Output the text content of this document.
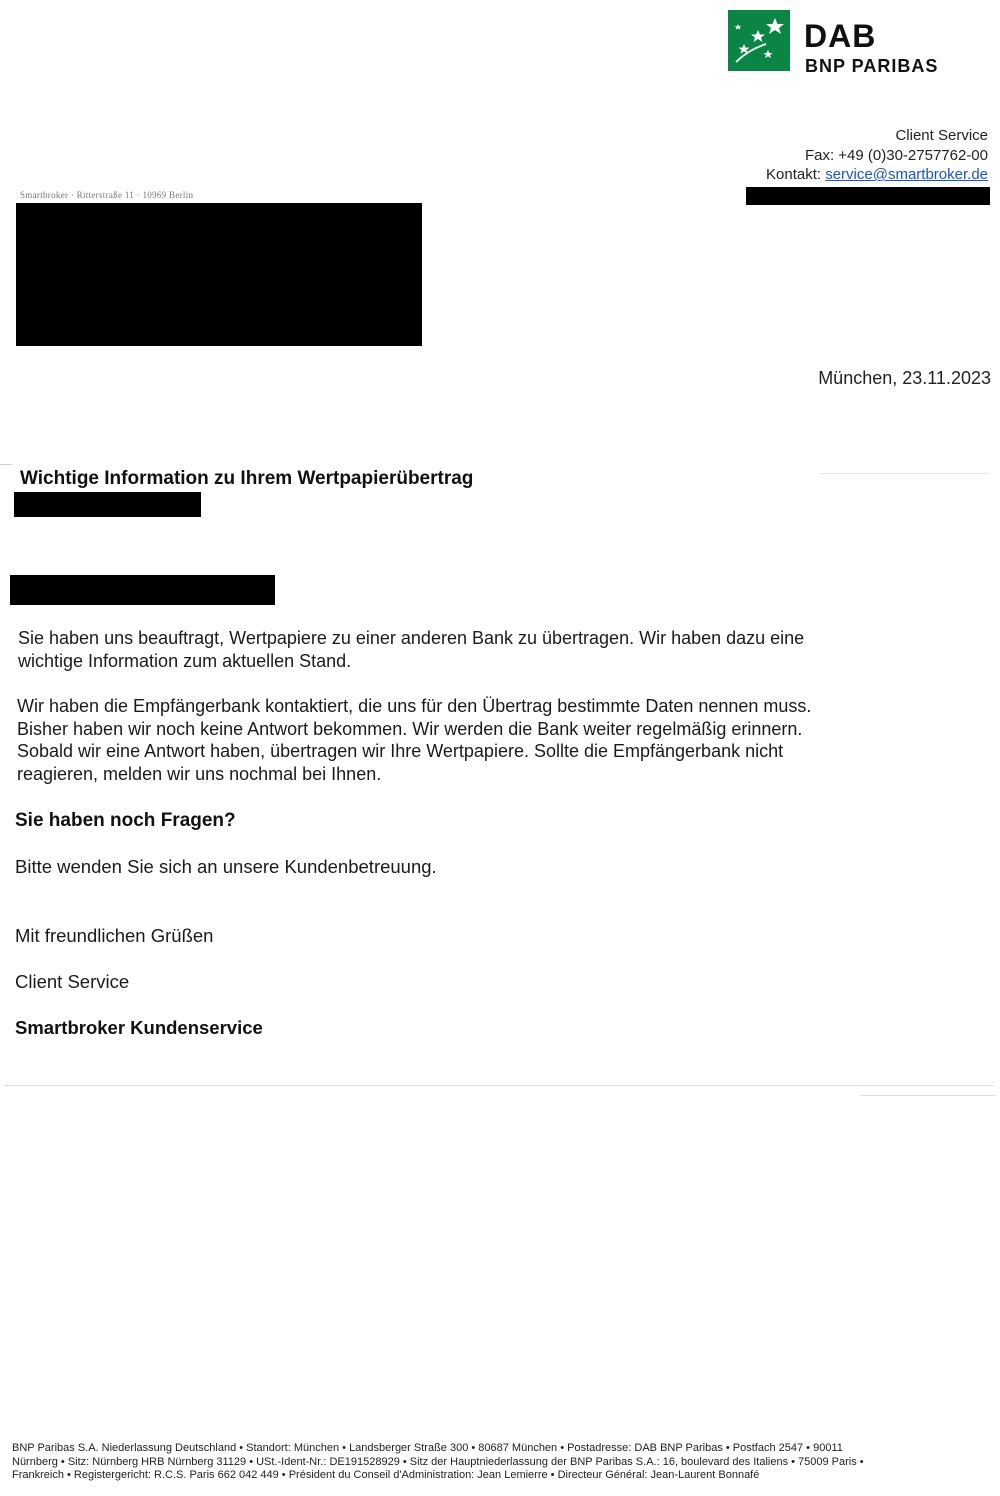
DAB
BNP PARIBAS
Client Service
Fax: +49 (0)30-2757762-00
Kontakt: service@smartbroker.de
Smartbroker · Ritterstraße 11 · 10969 Berlin
München, 23.11.2023
Wichtige Information zu Ihrem Wertpapierübertrag
Sie haben uns beauftragt, Wertpapiere zu einer anderen Bank zu übertragen. Wir haben dazu eine
wichtige Information zum aktuellen Stand.
Wir haben die Empfängerbank kontaktiert, die uns für den Übertrag bestimmte Daten nennen muss.
Bisher haben wir noch keine Antwort bekommen. Wir werden die Bank weiter regelmäßig erinnern.
Sobald wir eine Antwort haben, übertragen wir Ihre Wertpapiere. Sollte die Empfängerbank nicht
reagieren, melden wir uns nochmal bei Ihnen.
Sie haben noch Fragen?
Bitte wenden Sie sich an unsere Kundenbetreuung.
Mit freundlichen Grüßen
Client Service
Smartbroker Kundenservice
BNP Paribas S.A. Niederlassung Deutschland • Standort: München • Landsberger Straße 300 • 80687 München • Postadresse: DAB BNP Paribas • Postfach 2547 • 90011
Nürnberg • Sitz: Nürnberg HRB Nürnberg 31129 • USt.-Ident-Nr.: DE191528929 • Sitz der Hauptniederlassung der BNP Paribas S.A.: 16, boulevard des Italiens • 75009 Paris •
Frankreich • Registergericht: R.C.S. Paris 662 042 449 • Président du Conseil d'Administration: Jean Lemierre • Directeur Général: Jean-Laurent Bonnafé
